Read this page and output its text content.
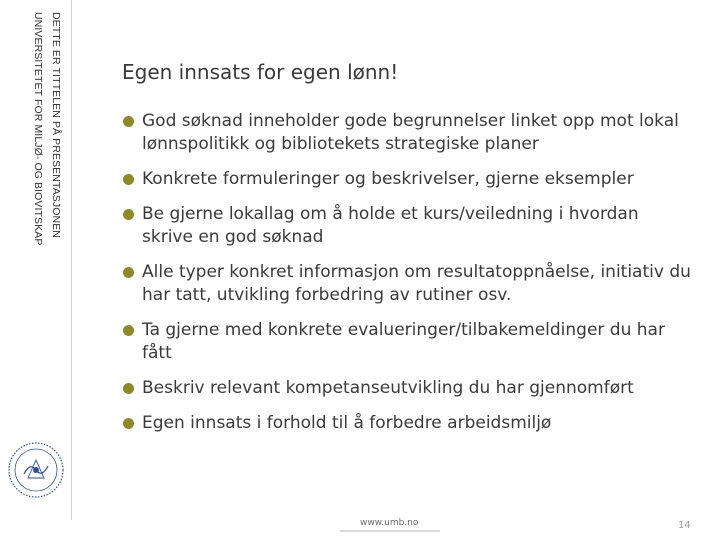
DETTE ER TITTELEN PÅ PRESENTASJONEN
UNIVERSITETET FOR MILJØ- OG BIOVITSKAP	Egen innsats for egen lønn!
God søknad inneholder gode begrunnelser linket opp mot lokal lønnspolitikk og bibliotekets strategiske planer
Konkrete formuleringer og beskrivelser, gjerne eksempler
Be gjerne lokallag om å holde et kurs/veiledning i hvordan skrive en god søknad
Alle typer konkret informasjon om resultatoppnåelse, initiativ du har tatt, utvikling forbedring av rutiner osv.
Ta gjerne med konkrete evalueringer/tilbakemeldinger du har fått
Beskriv relevant kompetanseutvikling du har gjennomført
Egen innsats i forhold til å forbedre arbeidsmiljø
www.umb.no	14
